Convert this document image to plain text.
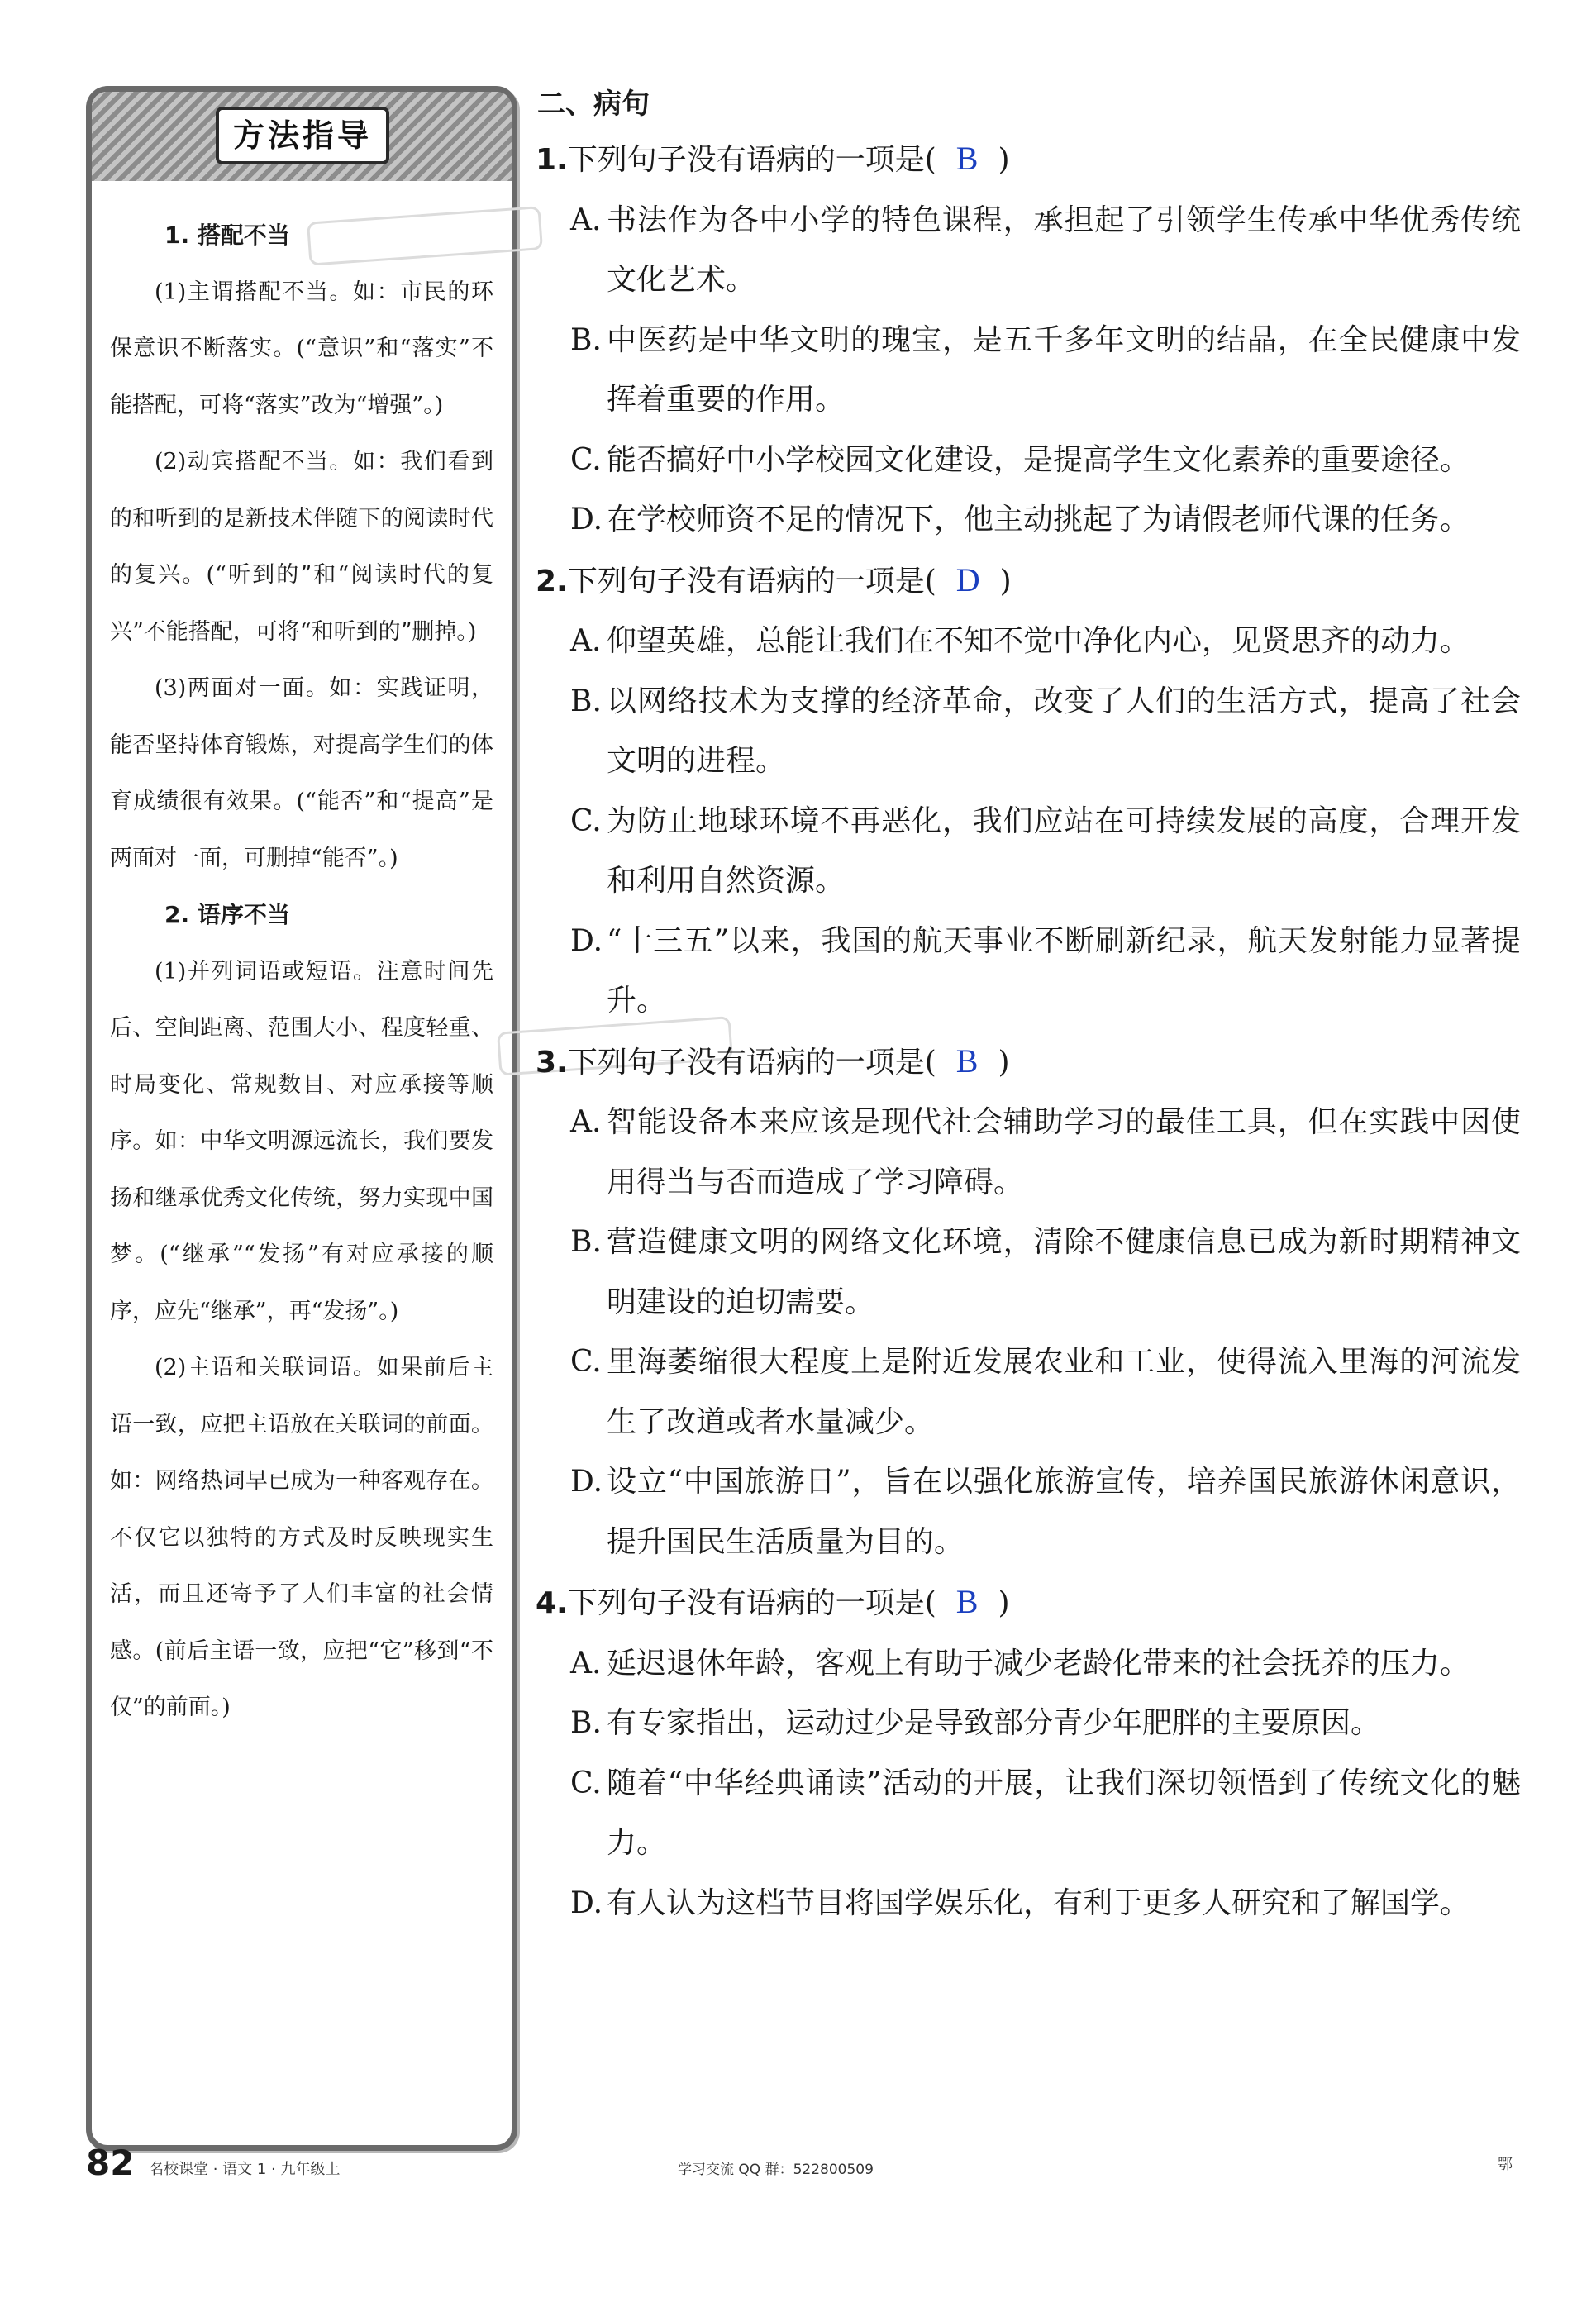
方法指导
1. 搭配不当
(1)主谓搭配不当。如：市民的环保意识不断落实。(“意识”和“落实”不能搭配，可将“落实”改为“增强”。)
(2)动宾搭配不当。如：我们看到的和听到的是新技术伴随下的阅读时代的复兴。(“听到的”和“阅读时代的复兴”不能搭配，可将“和听到的”删掉。)
(3)两面对一面。如：实践证明，能否坚持体育锻炼，对提高学生们的体育成绩很有效果。(“能否”和“提高”是两面对一面，可删掉“能否”。)
2. 语序不当
(1)并列词语或短语。注意时间先后、空间距离、范围大小、程度轻重、时局变化、常规数目、对应承接等顺序。如：中华文明源远流长，我们要发扬和继承优秀文化传统，努力实现中国梦。(“继承”“发扬”有对应承接的顺序，应先“继承”，再“发扬”。)
(2)主语和关联词语。如果前后主语一致，应把主语放在关联词的前面。如：网络热词早已成为一种客观存在。不仅它以独特的方式及时反映现实生活，而且还寄予了人们丰富的社会情感。(前后主语一致，应把“它”移到“不仅”的前面。)
二、病句
1.下列句子没有语病的一项是( B )
A. 书法作为各中小学的特色课程，承担起了引领学生传承中华优秀传统文化艺术。
B. 中医药是中华文明的瑰宝，是五千多年文明的结晶，在全民健康中发挥着重要的作用。
C. 能否搞好中小学校园文化建设，是提高学生文化素养的重要途径。
D. 在学校师资不足的情况下，他主动挑起了为请假老师代课的任务。
2.下列句子没有语病的一项是( D )
A. 仰望英雄，总能让我们在不知不觉中净化内心，见贤思齐的动力。
B. 以网络技术为支撑的经济革命，改变了人们的生活方式，提高了社会文明的进程。
C. 为防止地球环境不再恶化，我们应站在可持续发展的高度，合理开发和利用自然资源。
D. “十三五”以来，我国的航天事业不断刷新纪录，航天发射能力显著提升。
3.下列句子没有语病的一项是( B )
A. 智能设备本来应该是现代社会辅助学习的最佳工具，但在实践中因使用得当与否而造成了学习障碍。
B. 营造健康文明的网络文化环境，清除不健康信息已成为新时期精神文明建设的迫切需要。
C. 里海萎缩很大程度上是附近发展农业和工业，使得流入里海的河流发生了改道或者水量减少。
D. 设立“中国旅游日”，旨在以强化旅游宣传，培养国民旅游休闲意识，提升国民生活质量为目的。
4.下列句子没有语病的一项是( B )
A. 延迟退休年龄，客观上有助于减少老龄化带来的社会抚养的压力。
B. 有专家指出，运动过少是导致部分青少年肥胖的主要原因。
C. 随着“中华经典诵读”活动的开展，让我们深切领悟到了传统文化的魅力。
D. 有人认为这档节目将国学娱乐化，有利于更多人研究和了解国学。
82 名校课堂 · 语文 1 · 九年级上	学习交流 QQ 群：522800509	鄂
